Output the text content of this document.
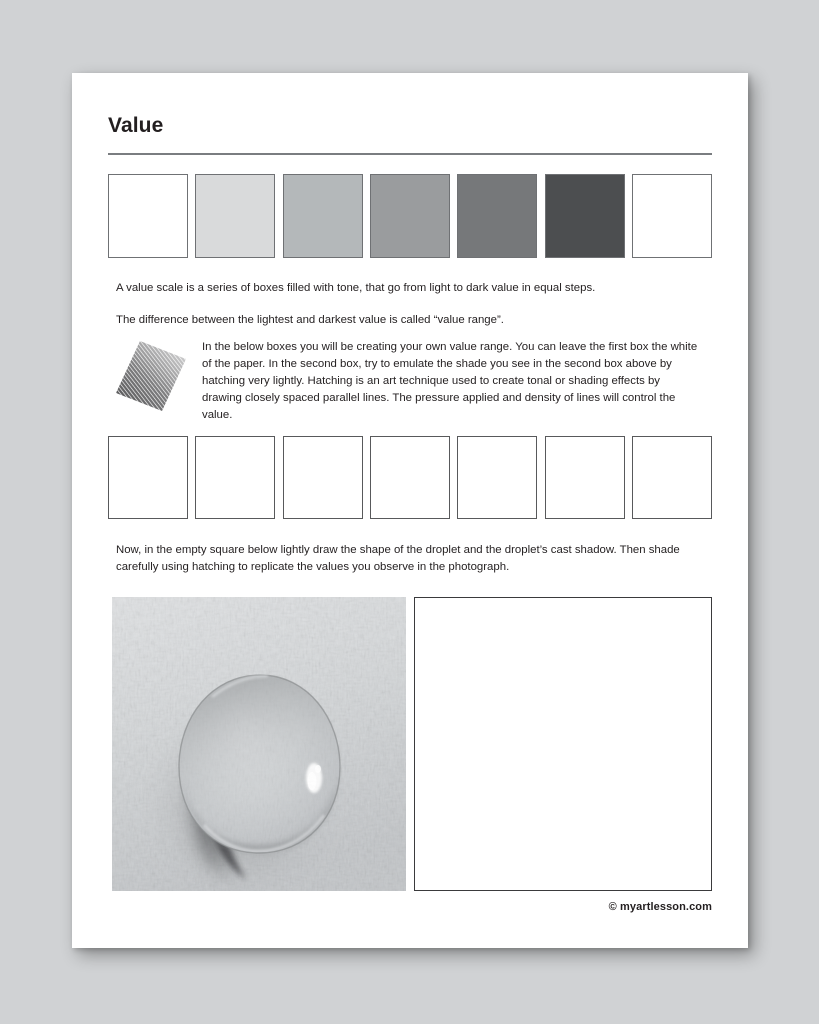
Value
A value scale is a series of boxes filled with tone, that go from light to dark value in equal steps.
The difference between the lightest and darkest value is called “value range”.
In the below boxes you will be creating your own value range. You can leave the first box the white of the paper. In the second box, try to emulate the shade you see in the second box above by hatching very lightly. Hatching is an art technique used to create tonal or shading effects by drawing closely spaced parallel lines. The pressure applied and density of lines will control the value.
Now, in the empty square below lightly draw the shape of the droplet and the droplet’s cast shadow. Then shade carefully using hatching to replicate the values you observe in the photograph.
© myartlesson.com
